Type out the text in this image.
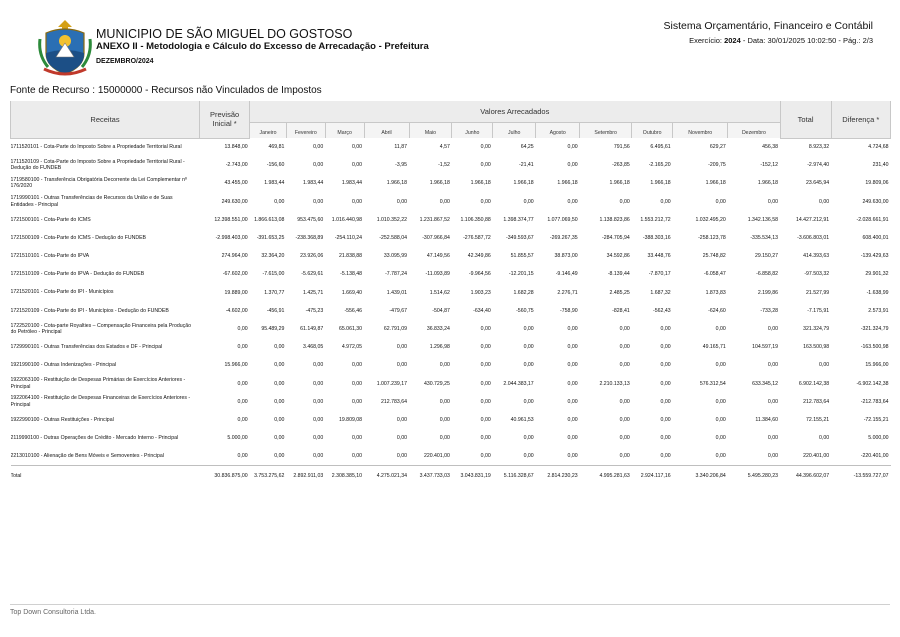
MUNICIPIO DE SÃO MIGUEL DO GOSTOSO
ANEXO II - Metodologia e Cálculo do Excesso de Arrecadação - Prefeitura
DEZEMBRO/2024
Sistema Orçamentário, Financeiro e Contábil
Exercício: 2024 - Data: 30/01/2025 10:02:50 - Pág.: 2/3
Fonte de Recurso : 15000000 - Recursos não Vinculados de Impostos
Receitas	Previsão Inicial *	Valores Arrecadados												Total	Diferença *
		Janeiro	Fevereiro	Março	Abril	Maio	Junho	Julho	Agosto	Setembro	Outubro	Novembro	Dezembro		
1711520101 - Cota-Parte do Imposto Sobre a Propriedade Territorial Rural	13.848,00	469,81	0,00	0,00	11,87	4,57	0,00	64,25	0,00	791,56	6.495,61	629,27	456,38	8.923,32	4.724,68
1711520109 - Cota-Parte do Imposto Sobre a Propriedade Territorial Rural - Dedução do FUNDEB	-2.743,00	-156,60	0,00	0,00	-3,95	-1,52	0,00	-21,41	0,00	-263,85	-2.165,20	-209,75	-152,12	-2.974,40	231,40
1719580100 - Transferência Obrigatória Decorrente da Lei Complementar nº 176/2020	43.455,00	1.983,44	1.983,44	1.983,44	1.966,18	1.966,18	1.966,18	1.966,18	1.966,18	1.966,18	1.966,18	1.966,18	1.966,18	23.645,94	19.809,06
1719990101 - Outras Transferências de Recursos da União e de Suas Entidades - Principal	249.630,00	0,00	0,00	0,00	0,00	0,00	0,00	0,00	0,00	0,00	0,00	0,00	0,00	0,00	249.630,00
1721500101 - Cota-Parte do ICMS	12.398.551,00	1.866.613,08	953.475,60	1.016.440,98	1.010.352,22	1.231.867,52	1.106.350,88	1.398.374,77	1.077.069,50	1.138.823,86	1.553.212,72	1.032.495,20	1.342.136,58	14.427.212,91	-2.028.661,91
1721500109 - Cota-Parte do ICMS - Dedução do FUNDEB	-2.998.403,00	-391.653,25	-238.368,89	-254.110,24	-252.588,04	-307.966,84	-276.587,72	-349.593,67	-269.267,35	-284.705,94	-388.303,16	-258.123,78	-335.534,13	-3.606.803,01	608.400,01
1721510101 - Cota-Parte do IPVA	274.964,00	32.364,20	23.926,06	21.838,88	33.095,99	47.149,56	42.349,86	51.855,57	38.873,00	34.592,86	33.448,76	25.748,82	29.150,27	414.393,63	-139.429,63
1721510109 - Cota-Parte do IPVA - Dedução do FUNDEB	-67.602,00	-7.615,00	-5.629,61	-5.138,48	-7.787,24	-11.093,89	-9.964,56	-12.201,15	-9.146,49	-8.139,44	-7.870,17	-6.058,47	-6.858,82	-97.503,32	29.901,32
1721520101 - Cota-Parte do IPI - Municípios	19.889,00	1.370,77	1.425,71	1.669,40	1.439,01	1.514,62	1.903,23	1.682,28	2.276,71	2.485,25	1.687,32	1.873,83	2.199,86	21.527,99	-1.638,99
1721520109 - Cota-Parte do IPI - Municípios - Dedução do FUNDEB	-4.602,00	-456,91	-475,23	-556,46	-479,67	-504,87	-634,40	-560,75	-758,90	-828,41	-562,43	-624,60	-733,28	-7.175,91	2.573,91
1722520100 - Cota-parte Royalties – Compensação Financeira pela Produção do Petróleo - Principal	0,00	95.489,29	61.149,87	65.061,30	62.791,09	36.833,24	0,00	0,00	0,00	0,00	0,00	0,00	0,00	321.324,79	-321.324,79
1729990101 - Outras Transferências dos Estados e DF - Principal	0,00	0,00	3.468,05	4.972,05	0,00	1.296,98	0,00	0,00	0,00	0,00	0,00	49.165,71	104.597,19	163.500,98	-163.500,98
1921990100 - Outras Indenizações - Principal	15.966,00	0,00	0,00	0,00	0,00	0,00	0,00	0,00	0,00	0,00	0,00	0,00	0,00	0,00	15.966,00
1922063100 - Restituição de Despesas Primárias de Exercícios Anteriores - Principal	0,00	0,00	0,00	0,00	1.007.239,17	430.729,25	0,00	2.044.383,17	0,00	2.210.133,13	0,00	576.312,54	633.345,12	6.902.142,38	-6.902.142,38
1922064100 - Restituição de Despesas Financeiras de Exercícios Anteriores - Principal	0,00	0,00	0,00	0,00	212.783,64	0,00	0,00	0,00	0,00	0,00	0,00	0,00	0,00	212.783,64	-212.783,64
1922990100 - Outras Restituições - Principal	0,00	0,00	0,00	19.809,08	0,00	0,00	0,00	40.961,53	0,00	0,00	0,00	0,00	11.384,60	72.155,21	-72.155,21
2119990100 - Outras Operações de Crédito - Mercado Interno - Principal	5.000,00	0,00	0,00	0,00	0,00	0,00	0,00	0,00	0,00	0,00	0,00	0,00	0,00	0,00	5.000,00
2213010100 - Alienação de Bens Móveis e Semoventes - Principal	0,00	0,00	0,00	0,00	0,00	220.401,00	0,00	0,00	0,00	0,00	0,00	0,00	0,00	220.401,00	-220.401,00
Total	30.836.875,00	3.753.275,62	2.892.911,03	2.308.385,10	4.275.021,34	3.437.733,03	3.043.831,19	5.116.328,67	2.814.230,23	4.995.281,63	2.924.117,16	3.340.206,84	5.495.280,23	44.396.602,07	-13.559.727,07
Top Down Consultoria Ltda.
